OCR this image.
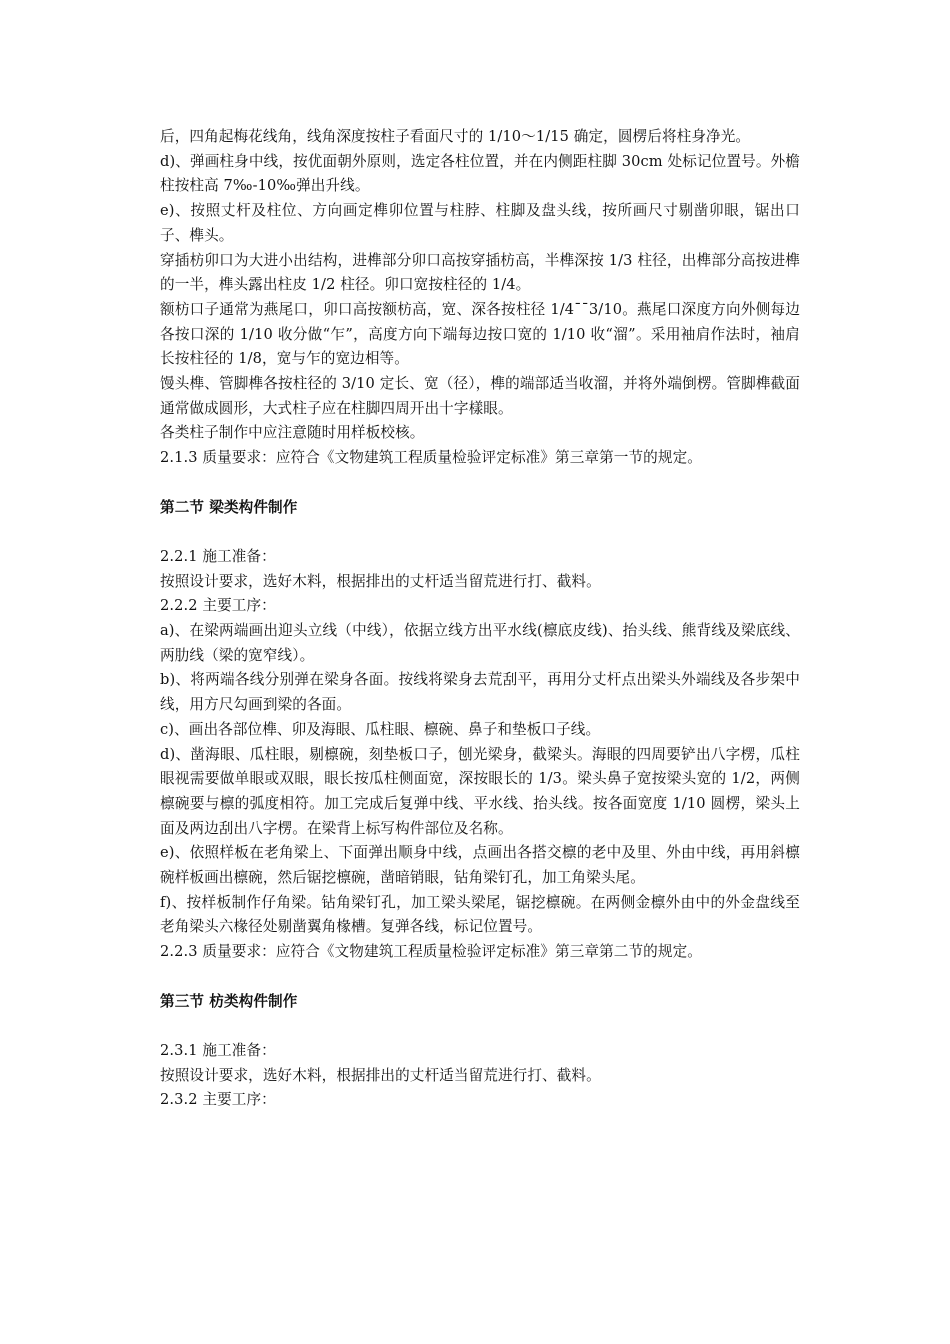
后，四角起梅花线角，线角深度按柱子看面尺寸的 1/10～1/15 确定，圆楞后将柱身净光。

d)、弹画柱身中线，按优面朝外原则，选定各柱位置，并在内侧距柱脚 30cm 处标记位置号。外檐柱按柱高 7‰-10‰弹出升线。

e)、按照丈杆及柱位、方向画定榫卯位置与柱脖、柱脚及盘头线，按所画尺寸剔凿卯眼，锯出口子、榫头。

穿插枋卯口为大进小出结构，进榫部分卯口高按穿插枋高，半榫深按 1/3 柱径，出榫部分高按进榫的一半，榫头露出柱皮 1/2 柱径。卯口宽按柱径的 1/4。

额枋口子通常为燕尾口，卯口高按额枋高，宽、深各按柱径 1/4¯¯3/10。燕尾口深度方向外侧每边各按口深的 1/10 收分做“乍”，高度方向下端每边按口宽的 1/10 收“溜”。采用袖肩作法时，袖肩长按柱径的 1/8，宽与乍的宽边相等。

馒头榫、管脚榫各按柱径的 3/10 定长、宽（径），榫的端部适当收溜，并将外端倒楞。管脚榫截面通常做成圆形，大式柱子应在柱脚四周开出十字樣眼。

各类柱子制作中应注意随时用样板校核。

2.1.3 质量要求：应符合《文物建筑工程质量检验评定标准》第三章第一节的规定。

第二节 梁类构件制作

2.2.1 施工准备：

按照设计要求，选好木料，根据排出的丈杆适当留荒进行打、截料。

2.2.2 主要工序：

a)、在梁两端画出迎头立线（中线），依据立线方出平水线(檩底皮线)、抬头线、熊背线及梁底线、两肋线（梁的宽窄线）。

b)、将两端各线分别弹在梁身各面。按线将梁身去荒刮平，再用分丈杆点出梁头外端线及各步架中线，用方尺勾画到梁的各面。

c)、画出各部位榫、卯及海眼、瓜柱眼、檩碗、鼻子和垫板口子线。

d)、凿海眼、瓜柱眼，剔檩碗，刻垫板口子，刨光梁身，截梁头。海眼的四周要铲出八字楞，瓜柱眼视需要做单眼或双眼，眼长按瓜柱侧面宽，深按眼长的 1/3。梁头鼻子宽按梁头宽的 1/2，两侧檩碗要与檩的弧度相符。加工完成后复弹中线、平水线、抬头线。按各面宽度 1/10 圆楞，梁头上面及两边刮出八字楞。在梁背上标写构件部位及名称。

e)、依照样板在老角梁上、下面弹出顺身中线，点画出各搭交檩的老中及里、外由中线，再用斜檩碗样板画出檩碗，然后锯挖檩碗，凿暗销眼，钻角梁钉孔，加工角梁头尾。

f)、按样板制作仔角梁。钻角梁钉孔，加工梁头梁尾，锯挖檩碗。在两侧金檩外由中的外金盘线至老角梁头六椽径处剔凿翼角椽槽。复弹各线，标记位置号。

2.2.3 质量要求：应符合《文物建筑工程质量检验评定标准》第三章第二节的规定。

第三节 枋类构件制作

2.3.1 施工准备：

按照设计要求，选好木料，根据排出的丈杆适当留荒进行打、截料。

2.3.2 主要工序：
